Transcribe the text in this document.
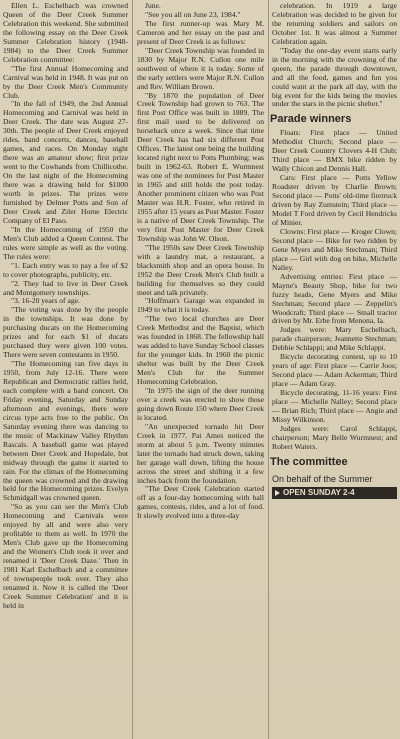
Ellen L. Eschelbach was crowned Queen of the Deer Creek Summer Celebration this weekend. She submitted the following essay on the Deer Creek Summer Celebration history (1948-1984) to the Deer Creek Summer Celebration committee:

"The first Annual Homecoming and Carnival was held in 1948. It was put on by the Deer Creek Men's Community Club.

"In the fall of 1949, the 2nd Annual Homecoming and Carnival was held in Deer Creek. The date was August 27-30th. The people of Deer Creek enjoyed rides, band concerts, dances, baseball games, and races. On Monday night there was an amateur show; first prize went to the Cowhands from Chillicothe. On the last night of the Homecoming there was a drawing held for $1000 worth in prizes. The prizes were furnished by Delmer Potts and Son of Deer Creek and Ziler Home Electric Company of El Paso.

"In the Homecoming of 1950 the Men's Club added a Queen Contest. The rules were simple as well as the voting. The rules were:

"1. Each entry was to pay a fee of $2 to cover photographs, publicity, etc.

"2. They had to live in Deer Creek and Montgomery townships.

"3. 16-20 years of age.

"The voting was done by the people in the townships. It was done by purchasing ducats on the Homecoming prizes and for each $1 of ducats purchased they were given 100 votes. There were seven contestants in 1950.

"The Homecoming ran five days in 1950, from July 12-16. There were Republican and Democratic rallies held, each complete with a band concert. On Friday evening, Saturday and Sunday afternoon and evenings, there were circus type acts free to the public. On Saturday evening there was dancing to the music of Mackinaw Valley Rhythm Rascals. A baseball game was played between Deer Creek and Hopedale, but midway through the game it started to rain. For the climax of the Homecoming the queen was crowned and the drawing held for the Homecoming prizes. Evelyn Schmidgall was crowned queen.

"So as you can see the Men's Club Homecoming and Carnivals were enjoyed by all and were also very profitable to them as well. In 1970 the Men's Club gave up the Homecoming and the Women's Club took it over and renamed it 'Deer Creek Daze.' Then in 1981 Karl Eschelbach and a committee of townspeople took over. They also renamed it. Now it is called the 'Deer Creek Summer Celebration' and it is held in

June.

"See you all on June 23, 1984."

The first runner-up was Mary M. Cameron and her essay on the past and present of Deer Creek is as follows:

"Deer Creek Township was founded in 1830 by Major R.N. Cullon one mile southwest of where it is today. Some of the early settlers were Major R.N. Cullon and Rev. William Brown.

"By 1870 the population of Deer Creek Township had grown to 763. The first Post Office was built in 1889. The first mail used to be delivered on horseback once a week. Since that time Deer Creek has had six different Post Offices. The latest one being the building located right next to Potts Plumbing; was built in 1962-63. Robert E. Wurmnest was one of the nominees for Post Master in 1965 and still holds the post today. Another prominent citizen who was Post Master was H.R. Foster, who retired in 1955 after 15 years as Post Master. Foster is a native of Deer Creek Township. The very first Post Master for Deer Creek Township was John W. Olson.

"The 1950s saw Deer Creek Township with a laundry mat, a restaurant, a blacksmith shop and an opera house. In 1952 the Deer Creek Men's Club built a building for themselves so they could meet and talk privately.

"Hoffman's Garage was expanded in 1949 to what it is today.

"The two local churches are Deer Creek Methodist and the Baptist, which was founded in 1868. The fellowship hall was added to have Sunday School classes for the younger kids. In 1960 the picnic shelter was built by the Deer Creek Men's Club for the Summer Homecoming Celebration.

"In 1975 the sign of the deer running over a creek was erected to show those going down Route 150 where Deer Creek is located.

"An unexpected tornado hit Deer Creek in 1977. Pat Ames noticed the storm at about 5 p.m. Twenty minutes later the tornado had struck down, taking her garage wall down, lifting the house across the street and shifting it a few inches back from the foundation.

"The Deer Creek Celebration started off as a four-day homecoming with ball games, contests, rides, and a lot of food. It slowly evolved into a three-day

celebration. In 1919 a large Celebration was decided to be given for the returning soldiers and sailors on October 1st. It was almost a Summer Celebration again.

"Today the one-day event starts early in the morning with the crowning of the queen, the parade through downtown, and all the food, games and fun you could want at the park all day, with the big event for the kids being the movies under the stars in the picnic shelter."

Parade winners

Floats: First place — United Methodist Church; Second place — Deer Creek Country Clovers 4-H Club; Third place — BMX bike ridden by Wally Chicon and Dennis Hall.

Cars: First place — Potts Yellow Roadster driven by Charlie Brown; Second place — Potts' old-time firetruck driven by Ray Zumstein; Third place — Model T Ford driven by Cecil Hendricks of Minier.

Clowns: First place — Kroger Clown; Second place — Bike for two ridden by Gene Myers and Mike Stechman; Third place — Girl with dog on bike, Michelle Nalley.

Advertising entries: First place — Mayne's Beauty Shop, bike for two fuzzy heads, Gene Myers and Mike Stechman; Second place — Zeppelin's Woodcraft; Third place — Small tractor driven by Mr. Erbe from Menona, Ia.

Judges were: Mary Eschelbach, parade chairperson; Jeannette Stechman; Debbie Schlappi; and Mike Schlappi.

Bicycle decorating contest, up to 10 years of age: First place — Carrie Joos; Second place — Adam Ackerman; Third place — Adam Gray.

Bicycle decorating, 11-16 years: First place — Michelle Nalley; Second place — Brian Rich; Third place — Angie and Missy Wilkinson.

Judges were: Carol Schlappi, chairperson; Mary Belle Wurmnest; and Robert Waters.

The committee
On behalf of the Summer
OPEN SUNDAY 2-4
